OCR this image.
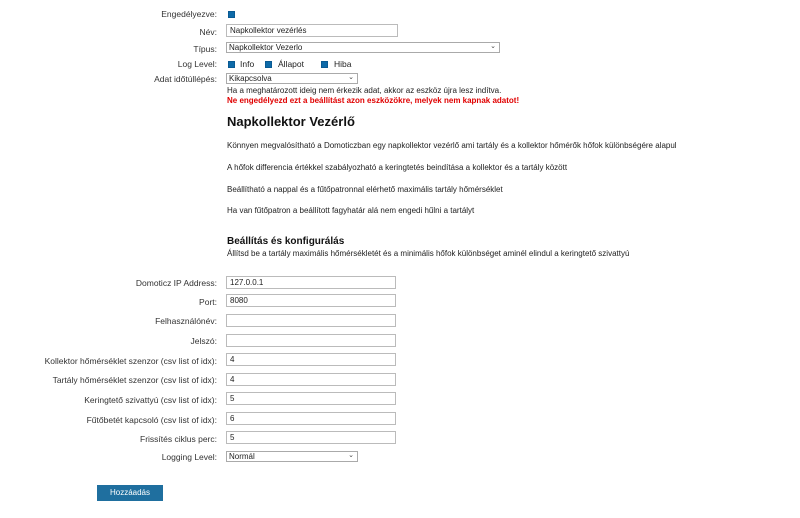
Engedélyezve:
Név:	Napkollektor vezérlés
Típus:	Napkollektor Vezerlo	⌄
Log Level:	Info	Állapot	Hiba
Adat időtúllépés:	Kikapcsolva	⌄
Ha a meghatározott ideig nem érkezik adat, akkor az eszköz újra lesz indítva.
Ne engedélyezd ezt a beállítást azon eszközökre, melyek nem kapnak adatot!
Napkollektor Vezérlő
Könnyen megvalósítható a Domoticzban egy napkollektor vezérlő ami tartály és a kollektor hőmérők hőfok különbségére alapul
A hőfok differencia értékkel szabályozható a keringtetés beindítása a kollektor és a tartály között
Beállítható a nappal és a fűtőpatronnal elérhető maximális tartály hőmérséklet
Ha van fűtőpatron a beállított fagyhatár alá nem engedi hűlni a tartályt
Beállítás és konfigurálás
Állítsd be a tartály maximális hőmérsékletét és a minimális hőfok különbséget aminél elindul a keringtető szivattyú
Domoticz IP Address:	127.0.0.1
Port:	8080
Felhasználónév:
Jelszó:
Kollektor hőmérséklet szenzor (csv list of idx):	4
Tartály hőmérséklet szenzor (csv list of idx):	4
Keringtető szivattyú (csv list of idx):	5
Fűtőbetét kapcsoló (csv list of idx):	6
Frissítés ciklus perc:	5
Logging Level:	Normál	⌄
Hozzáadás
